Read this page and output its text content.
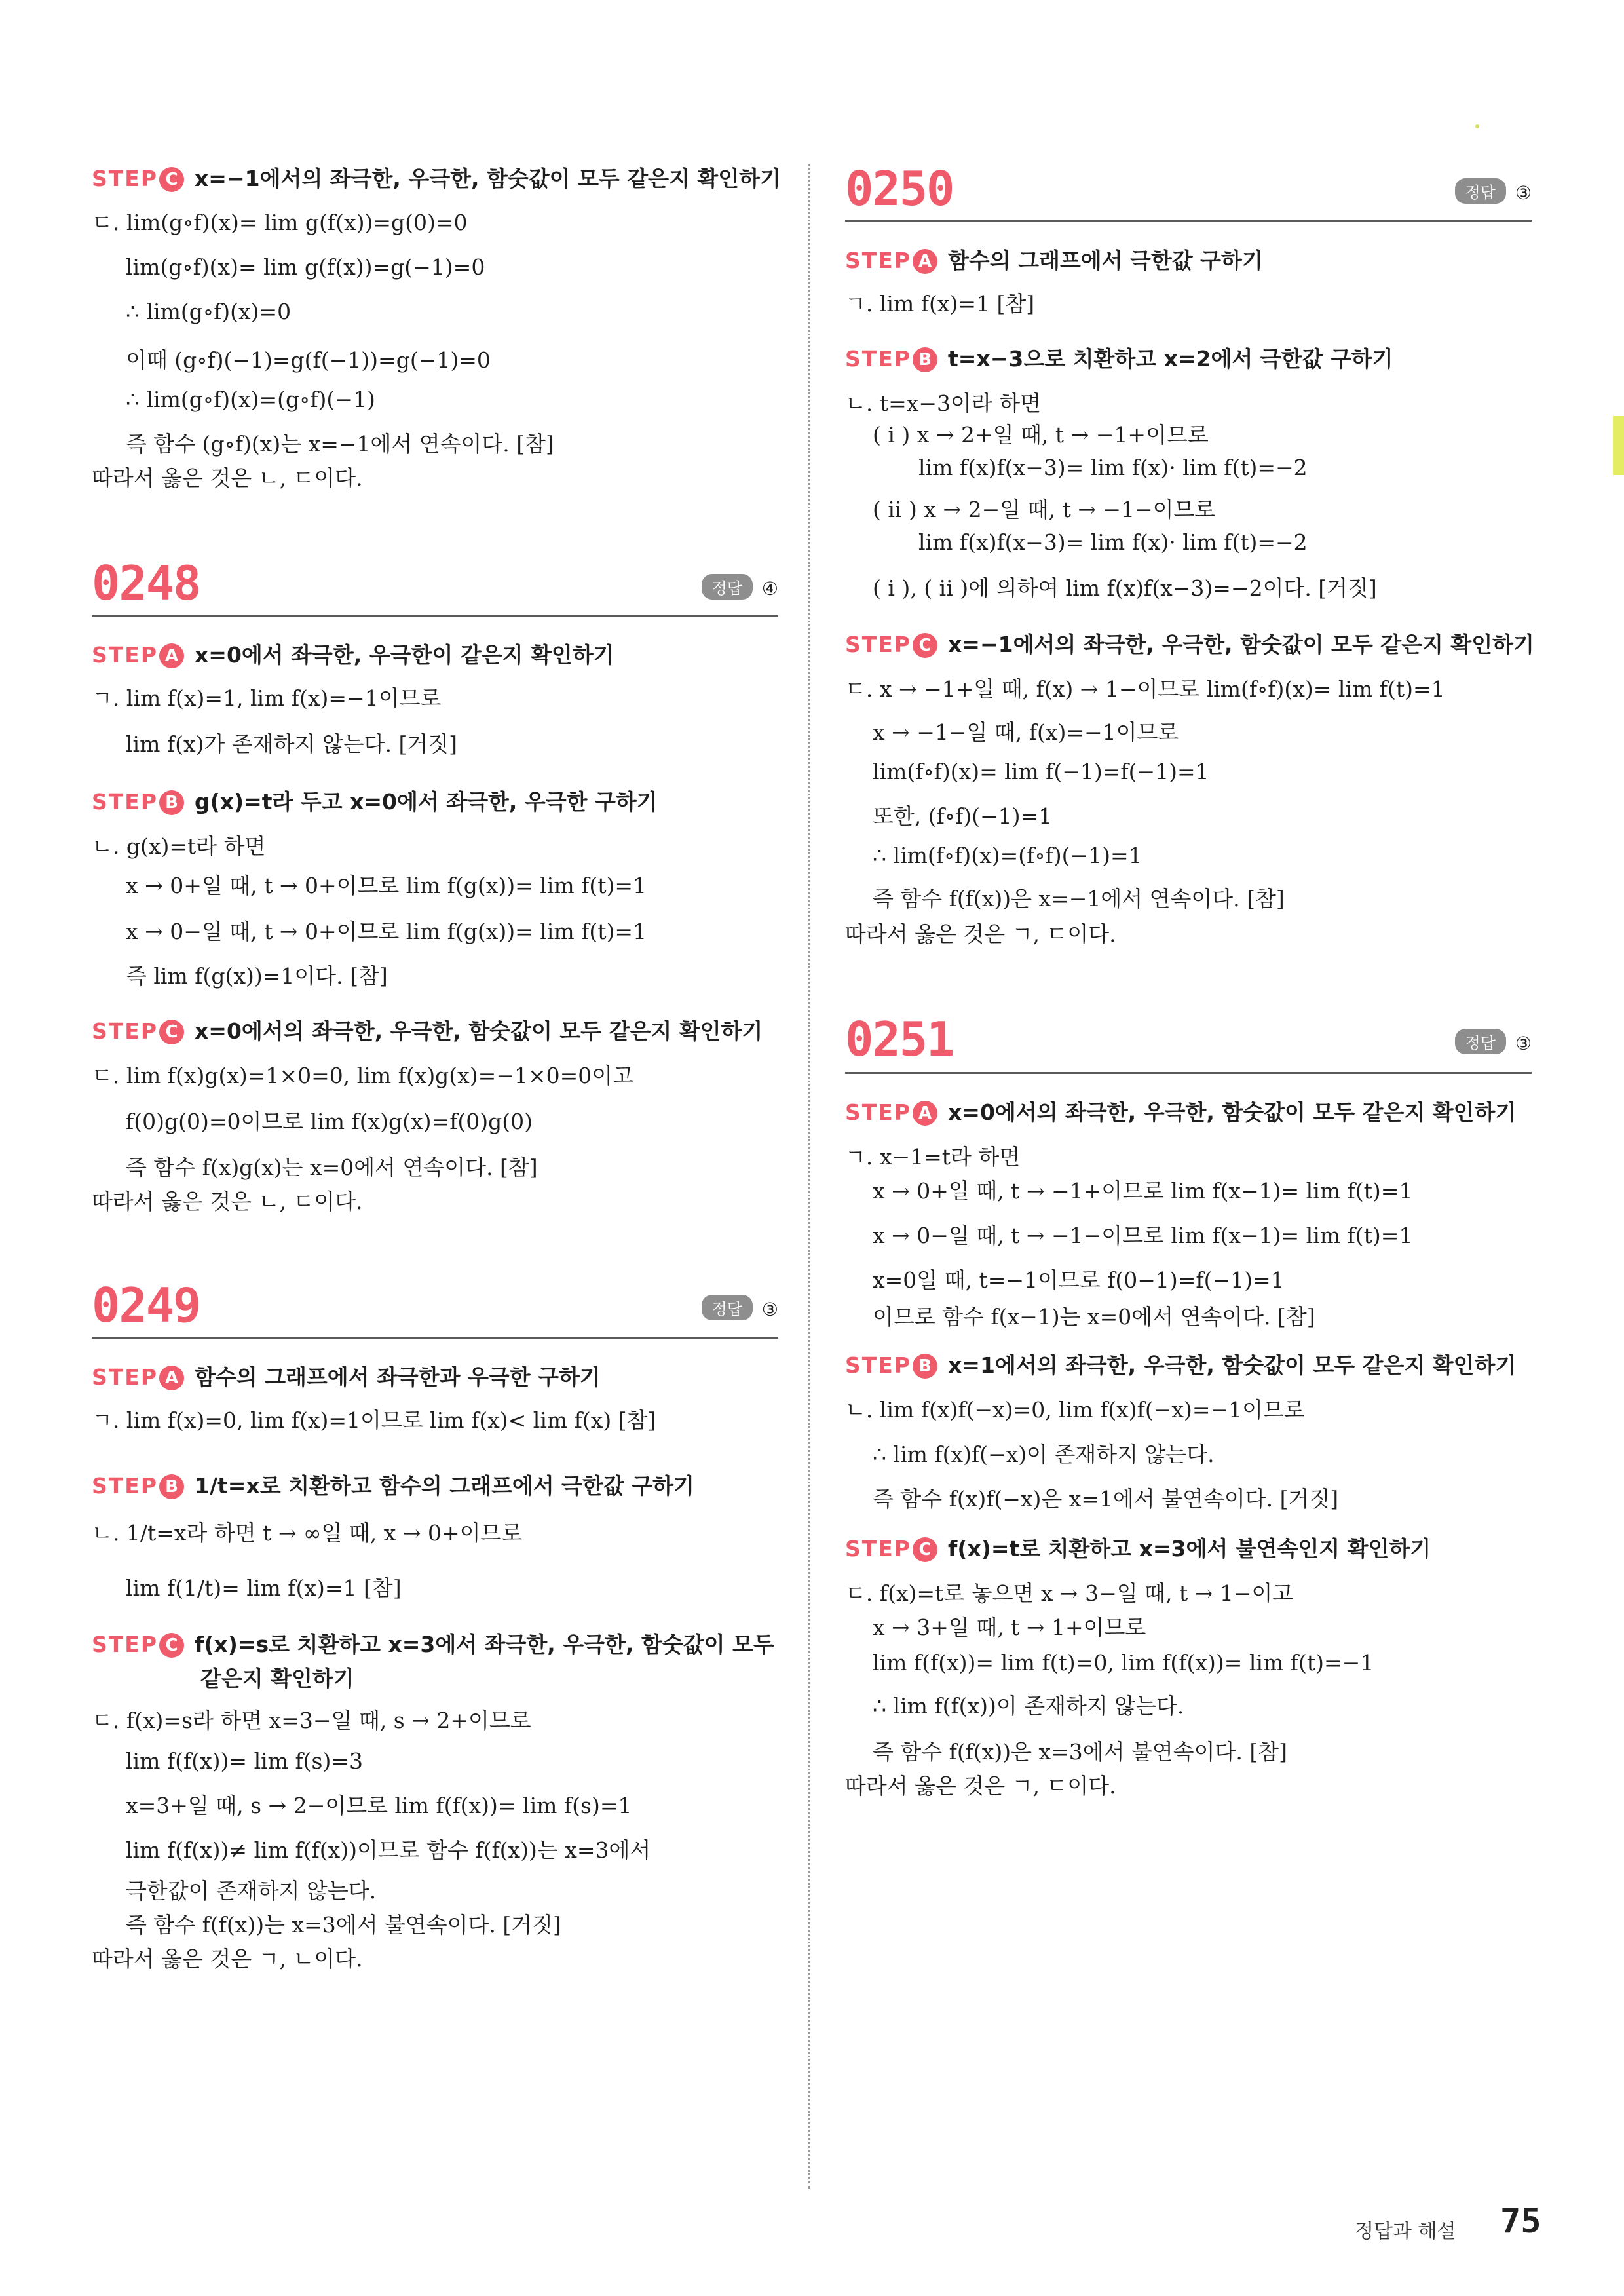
STEP C x=−1에서의 좌극한, 우극한, 함숫값이 모두 같은지 확인하기
ㄷ. lim(g∘f)(x)= lim g(f(x))=g(0)=0
lim(g∘f)(x)= lim g(f(x))=g(−1)=0
∴ lim(g∘f)(x)=0
이때 (g∘f)(−1)=g(f(−1))=g(−1)=0
∴ lim(g∘f)(x)=(g∘f)(−1)
즉 함수 (g∘f)(x)는 x=−1에서 연속이다. [참]
따라서 옳은 것은 ㄴ, ㄷ이다.
0248	정답 ④
STEP A x=0에서 좌극한, 우극한이 같은지 확인하기
ㄱ. lim f(x)=1, lim f(x)=−1이므로
lim f(x)가 존재하지 않는다. [거짓]
STEP B g(x)=t라 두고 x=0에서 좌극한, 우극한 구하기
ㄴ. g(x)=t라 하면
x → 0+일 때, t → 0+이므로 lim f(g(x))= lim f(t)=1
x → 0−일 때, t → 0+이므로 lim f(g(x))= lim f(t)=1
즉 lim f(g(x))=1이다. [참]
STEP C x=0에서의 좌극한, 우극한, 함숫값이 모두 같은지 확인하기
ㄷ. lim f(x)g(x)=1×0=0, lim f(x)g(x)=−1×0=0이고
f(0)g(0)=0이므로 lim f(x)g(x)=f(0)g(0)
즉 함수 f(x)g(x)는 x=0에서 연속이다. [참]
따라서 옳은 것은 ㄴ, ㄷ이다.
0249	정답 ③
STEP A 함수의 그래프에서 좌극한과 우극한 구하기
ㄱ. lim f(x)=0, lim f(x)=1이므로 lim f(x)< lim f(x) [참]
STEP B 1/t=x로 치환하고 함수의 그래프에서 극한값 구하기
ㄴ. 1/t=x라 하면 t → ∞일 때, x → 0+이므로
lim f(1/t)= lim f(x)=1 [참]
STEP C f(x)=s로 치환하고 x=3에서 좌극한, 우극한, 함숫값이 모두
같은지 확인하기
ㄷ. f(x)=s라 하면 x=3−일 때, s → 2+이므로
lim f(f(x))= lim f(s)=3
x=3+일 때, s → 2−이므로 lim f(f(x))= lim f(s)=1
lim f(f(x))≠ lim f(f(x))이므로 함수 f(f(x))는 x=3에서
극한값이 존재하지 않는다.
즉 함수 f(f(x))는 x=3에서 불연속이다. [거짓]
따라서 옳은 것은 ㄱ, ㄴ이다.
0250	정답 ③
STEP A 함수의 그래프에서 극한값 구하기
ㄱ. lim f(x)=1 [참]
STEP B t=x−3으로 치환하고 x=2에서 극한값 구하기
ㄴ. t=x−3이라 하면
( i ) x → 2+일 때, t → −1+이므로
lim f(x)f(x−3)= lim f(x)· lim f(t)=−2
( ii ) x → 2−일 때, t → −1−이므로
lim f(x)f(x−3)= lim f(x)· lim f(t)=−2
( i ), ( ii )에 의하여 lim f(x)f(x−3)=−2이다. [거짓]
STEP C x=−1에서의 좌극한, 우극한, 함숫값이 모두 같은지 확인하기
ㄷ. x → −1+일 때, f(x) → 1−이므로 lim(f∘f)(x)= lim f(t)=1
x → −1−일 때, f(x)=−1이므로
lim(f∘f)(x)= lim f(−1)=f(−1)=1
또한, (f∘f)(−1)=1
∴ lim(f∘f)(x)=(f∘f)(−1)=1
즉 함수 f(f(x))은 x=−1에서 연속이다. [참]
따라서 옳은 것은 ㄱ, ㄷ이다.
0251	정답 ③
STEP A x=0에서의 좌극한, 우극한, 함숫값이 모두 같은지 확인하기
ㄱ. x−1=t라 하면
x → 0+일 때, t → −1+이므로 lim f(x−1)= lim f(t)=1
x → 0−일 때, t → −1−이므로 lim f(x−1)= lim f(t)=1
x=0일 때, t=−1이므로 f(0−1)=f(−1)=1
이므로 함수 f(x−1)는 x=0에서 연속이다. [참]
STEP B x=1에서의 좌극한, 우극한, 함숫값이 모두 같은지 확인하기
ㄴ. lim f(x)f(−x)=0, lim f(x)f(−x)=−1이므로
∴ lim f(x)f(−x)이 존재하지 않는다.
즉 함수 f(x)f(−x)은 x=1에서 불연속이다. [거짓]
STEP C f(x)=t로 치환하고 x=3에서 불연속인지 확인하기
ㄷ. f(x)=t로 놓으면 x → 3−일 때, t → 1−이고
x → 3+일 때, t → 1+이므로
lim f(f(x))= lim f(t)=0, lim f(f(x))= lim f(t)=−1
∴ lim f(f(x))이 존재하지 않는다.
즉 함수 f(f(x))은 x=3에서 불연속이다. [참]
따라서 옳은 것은 ㄱ, ㄷ이다.
정답과 해설 75
